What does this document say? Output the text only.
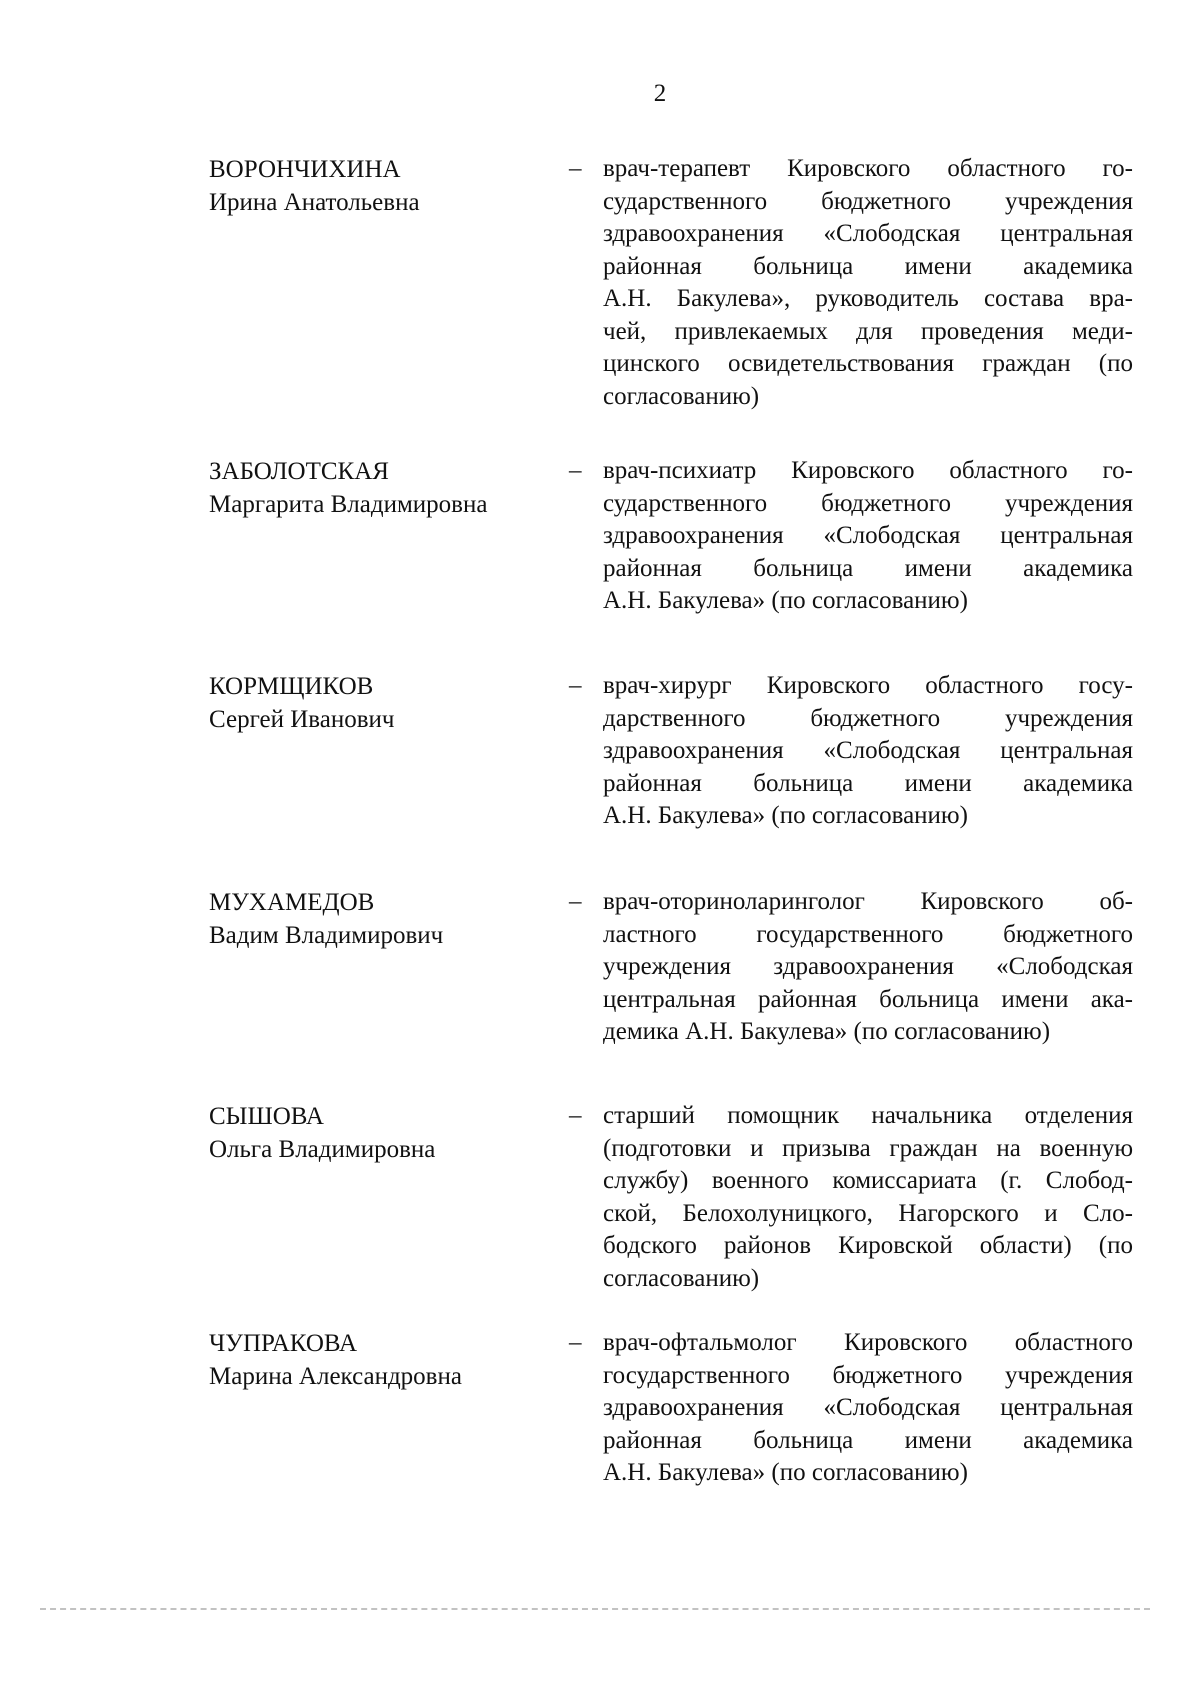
2
ВОРОНЧИХИНА
Ирина Анатольевна
– врач-терапевт Кировского областного го-
сударственного бюджетного учреждения
здравоохранения «Слободская центральная
районная больница имени академика
А.Н. Бакулева», руководитель состава вра-
чей, привлекаемых для проведения меди-
цинского освидетельствования граждан (по
согласованию)
ЗАБОЛОТСКАЯ
Маргарита Владимировна
– врач-психиатр Кировского областного го-
сударственного бюджетного учреждения
здравоохранения «Слободская центральная
районная больница имени академика
А.Н. Бакулева» (по согласованию)
КОРМЩИКОВ
Сергей Иванович
– врач-хирург Кировского областного госу-
дарственного бюджетного учреждения
здравоохранения «Слободская центральная
районная больница имени академика
А.Н. Бакулева» (по согласованию)
МУХАМЕДОВ
Вадим Владимирович
– врач-оториноларинголог Кировского об-
ластного государственного бюджетного
учреждения здравоохранения «Слободская
центральная районная больница имени ака-
демика А.Н. Бакулева» (по согласованию)
СЫШОВА
Ольга Владимировна
– старший помощник начальника отделения
(подготовки и призыва граждан на военную
службу) военного комиссариата (г. Слобод-
ской, Белохолуницкого, Нагорского и Сло-
бодского районов Кировской области) (по
согласованию)
ЧУПРАКОВА
Марина Александровна
– врач-офтальмолог Кировского областного
государственного бюджетного учреждения
здравоохранения «Слободская центральная
районная больница имени академика
А.Н. Бакулева» (по согласованию)
